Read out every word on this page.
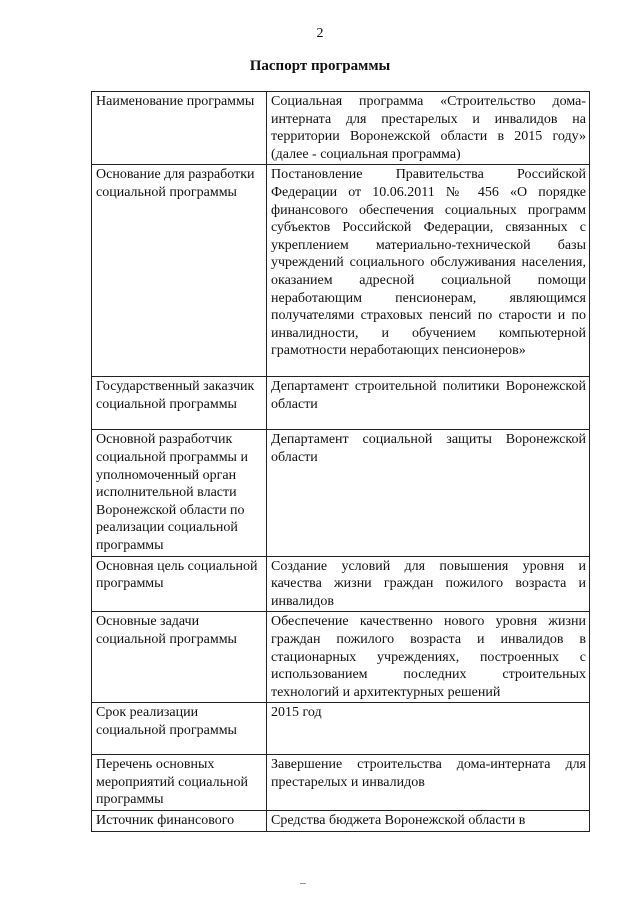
2
Паспорт программы
Наименование программы	Социальная программа «Строительство дома-интерната для престарелых и инвалидов на территории Воронежской области в 2015 году» (далее - социальная программа)
Основание для разработки социальной программы	Постановление Правительства Российской Федерации от 10.06.2011 № 456 «О порядке финансового обеспечения социальных программ субъектов Российской Федерации, связанных с укреплением материально-технической базы учреждений социального обслуживания населения, оказанием адресной социальной помощи неработающим пенсионерам, являющимся получателями страховых пенсий по старости и по инвалидности, и обучением компьютерной грамотности неработающих пенсионеров»
Государственный заказчик социальной программы	Департамент строительной политики Воронежской области
Основной разработчик социальной программы и уполномоченный орган исполнительной власти Воронежской области по реализации социальной программы	Департамент социальной защиты Воронежской области
Основная цель социальной программы	Создание условий для повышения уровня и качества жизни граждан пожилого возраста и инвалидов
Основные задачи социальной программы	Обеспечение качественно нового уровня жизни граждан пожилого возраста и инвалидов в стационарных учреждениях, построенных с использованием последних строительных технологий и архитектурных решений
Срок реализации социальной программы	2015 год
Перечень основных мероприятий социальной программы	Завершение строительства дома-интерната для престарелых и инвалидов
Источник финансового	Средства бюджета Воронежской области в
